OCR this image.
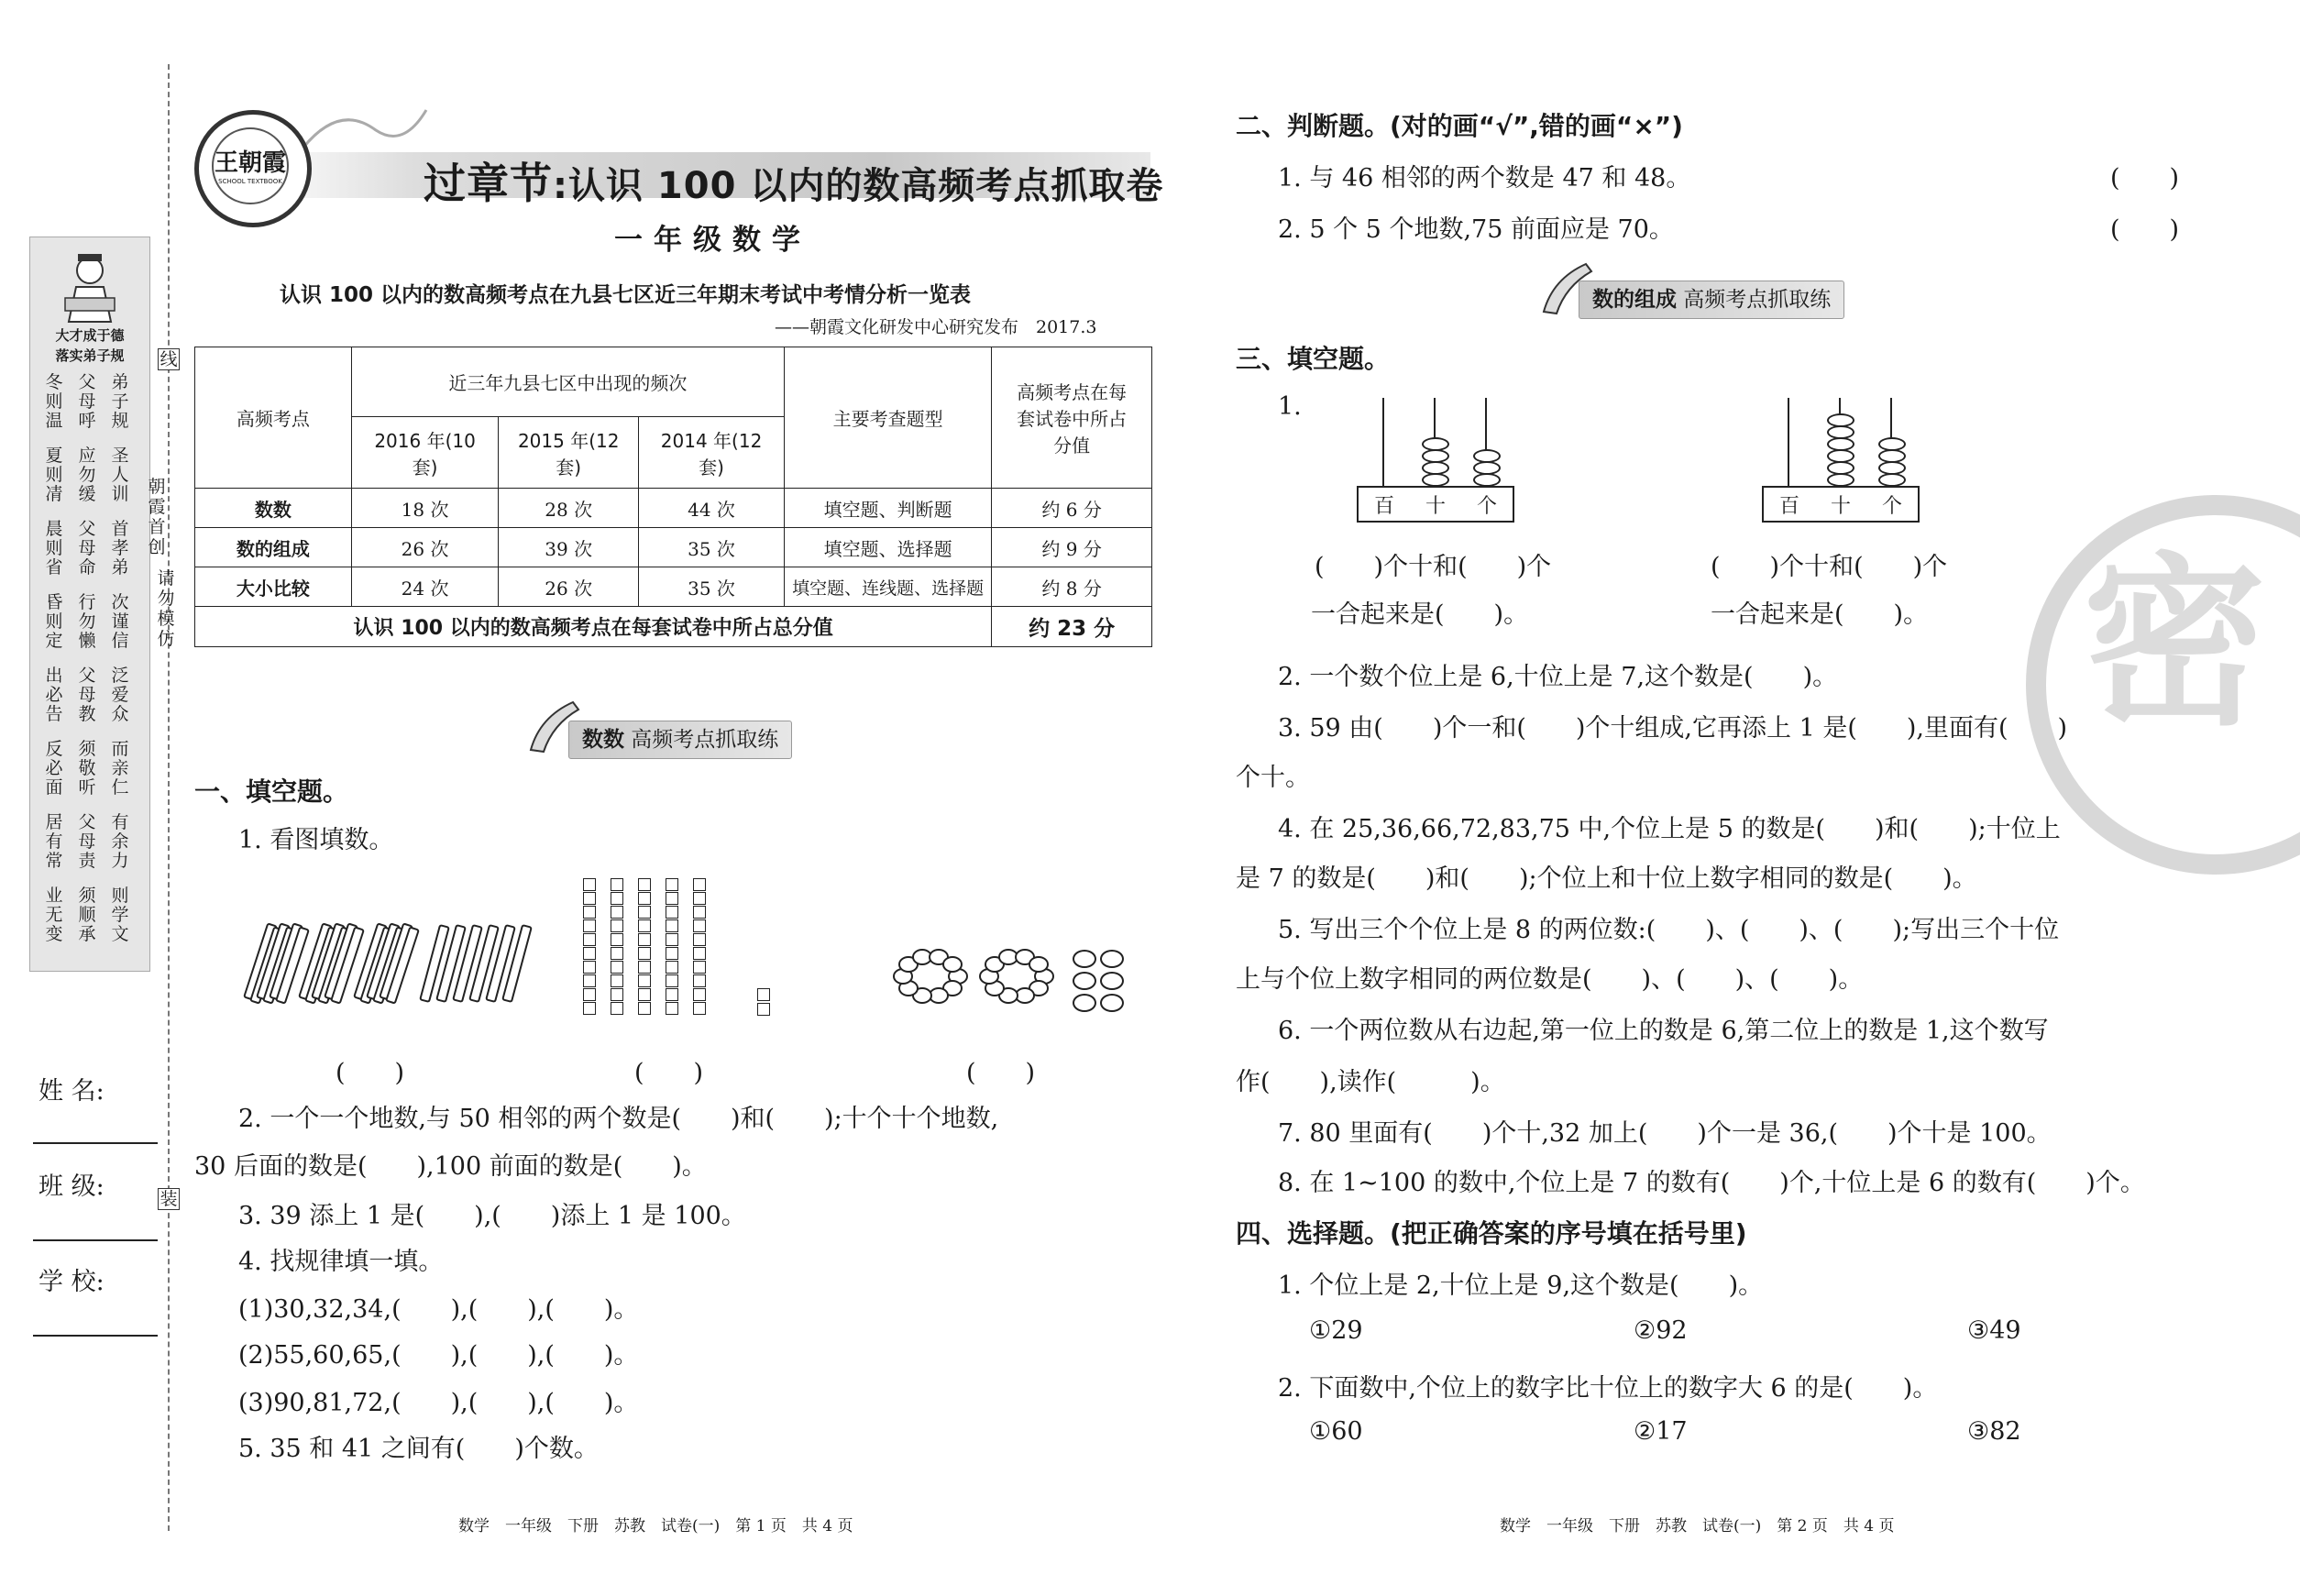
大才成于德
落实弟子规
冬则温
父母呼
弟子规
夏则凊
应勿缓
圣人训
晨则省
父母命
首孝弟
昏则定
行勿懒
次谨信
出必告
父母教
泛爱众
反必面
须敬听
而亲仁
居有常
父母责
有余力
业无变
须顺承
则学文
线
朝霞首创
请勿模仿
装
姓 名:
班 级:
学 校:
王朝霞
SCHOOL TEXTBOOK	过章节:认识 100 以内的数高频考点抓取卷
一年级数学
认识 100 以内的数高频考点在九县七区近三年期末考试中考情分析一览表
——朝霞文化研发中心研究发布　2017.3
高频考点	近三年九县七区中出现的频次			主要考查题型	高频考点在每套试卷中所占分值
	2016 年(10 套)	2015 年(12 套)	2014 年(12 套)		
数数	18 次	28 次	44 次	填空题、判断题	约 6 分
数的组成	26 次	39 次	35 次	填空题、选择题	约 9 分
大小比较	24 次	26 次	35 次	填空题、连线题、选择题	约 8 分
认识 100 以内的数高频考点在每套试卷中所占总分值					约 23 分
数数 高频考点抓取练
一、填空题。
1. 看图填数。
(　　)	(　　)	(　　)
2. 一个一个地数,与 50 相邻的两个数是(　　)和(　　);十个十个地数,
30 后面的数是(　　),100 前面的数是(　　)。
3. 39 添上 1 是(　　),(　　)添上 1 是 100。
4. 找规律填一填。
(1)30,32,34,(　　),(　　),(　　)。
(2)55,60,65,(　　),(　　),(　　)。
(3)90,81,72,(　　),(　　),(　　)。
5. 35 和 41 之间有(　　)个数。
数学　一年级　下册　苏教　试卷(一)　第 1 页　共 4 页
密
二、判断题。(对的画“√”,错的画“×”)
1. 与 46 相邻的两个数是 47 和 48。	(　　)
2. 5 个 5 个地数,75 前面应是 70。	(　　)
数的组成 高频考点抓取练
三、填空题。
1.
百 十 个	百 十 个
(　　)个十和(　　)个
一合起来是(　　)。
(　　)个十和(　　)个
一合起来是(　　)。
2. 一个数个位上是 6,十位上是 7,这个数是(　　)。
3. 59 由(　　)个一和(　　)个十组成,它再添上 1 是(　　),里面有(　　)
个十。
4. 在 25,36,66,72,83,75 中,个位上是 5 的数是(　　)和(　　);十位上
是 7 的数是(　　)和(　　);个位上和十位上数字相同的数是(　　)。
5. 写出三个个位上是 8 的两位数:(　　)、(　　)、(　　);写出三个十位
上与个位上数字相同的两位数是(　　)、(　　)、(　　)。
6. 一个两位数从右边起,第一位上的数是 6,第二位上的数是 1,这个数写
作(　　),读作(　　　)。
7. 80 里面有(　　)个十,32 加上(　　)个一是 36,(　　)个十是 100。
8. 在 1~100 的数中,个位上是 7 的数有(　　)个,十位上是 6 的数有(　　)个。
四、选择题。(把正确答案的序号填在括号里)
1. 个位上是 2,十位上是 9,这个数是(　　)。
①29	②92	③49
2. 下面数中,个位上的数字比十位上的数字大 6 的是(　　)。
①60	②17	③82
数学　一年级　下册　苏教　试卷(一)　第 2 页　共 4 页
